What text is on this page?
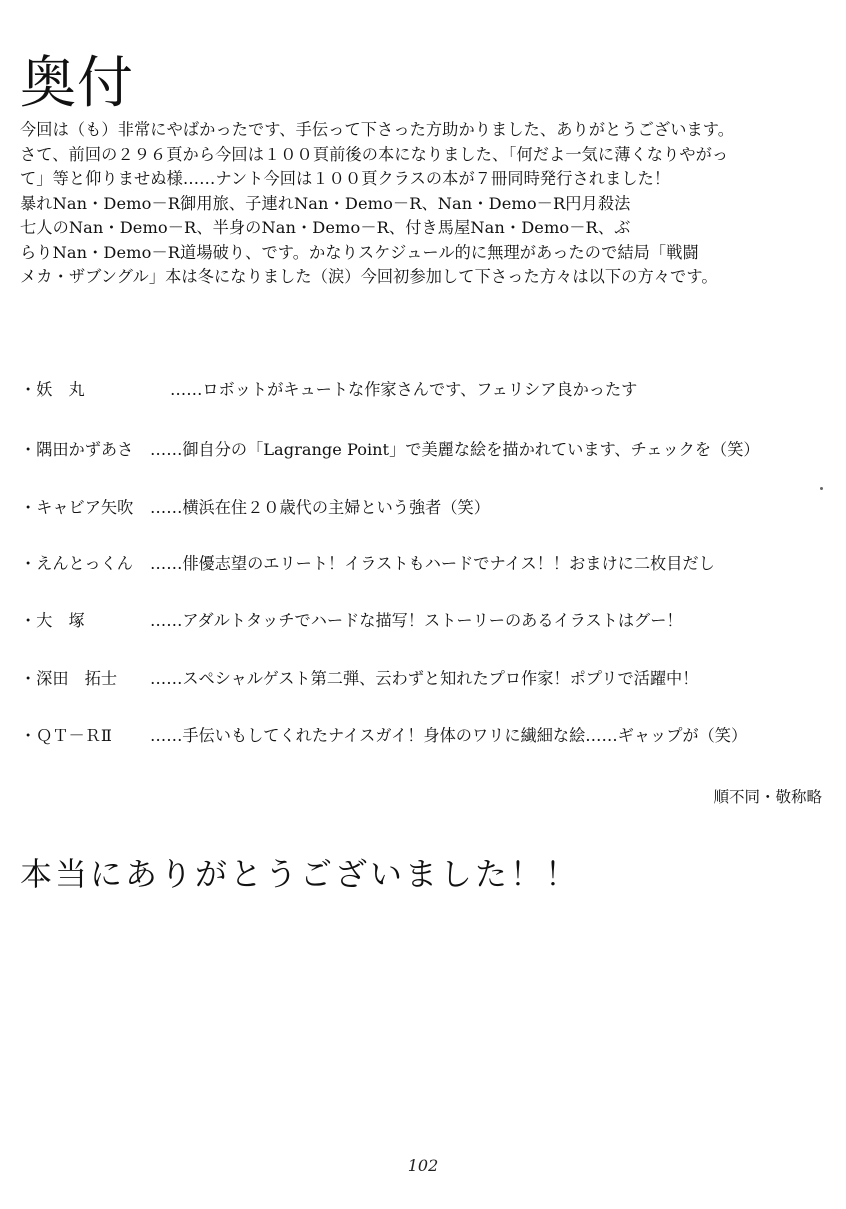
奥付

今回は（も）非常にやばかったです、手伝って下さった方助かりました、ありがとうございます。

さて、前回の２９６頁から今回は１００頁前後の本になりました、「何だよ一気に薄くなりやがっ

て」等と仰りませぬ様……ナント今回は１００頁クラスの本が７冊同時発行されました！

暴れNan・Demo－R御用旅、子連れNan・Demo－R、Nan・Demo－R円月殺法

七人のNan・Demo－R、半身のNan・Demo－R、付き馬屋Nan・Demo－R、ぶ

らりNan・Demo－R道場破り、です。かなりスケジュール的に無理があったので結局「戦闘

メカ・ザブングル」本は冬になりました（涙）今回初参加して下さった方々は以下の方々です。

・妖　丸	……ロボットがキュートな作家さんです、フェリシア良かったす
・隅田かずあさ ……御自分の「Lagrange Point」で美麗な絵を描かれています、チェックを（笑）
・キャビア矢吹 ……横浜在住２０歳代の主婦という強者（笑）
・えんとっくん ……俳優志望のエリート！イラストもハードでナイス！！おまけに二枚目だし
・大　塚	……アダルトタッチでハードな描写！ストーリーのあるイラストはグー！
・深田　拓士 ……スペシャルゲスト第二弾、云わずと知れたプロ作家！ポプリで活躍中！
・ＱＴ－ＲⅡ ……手伝いもしてくれたナイスガイ！身体のワリに繊細な絵……ギャップが（笑）
順不同・敬称略
本当にありがとうございました！！
102
